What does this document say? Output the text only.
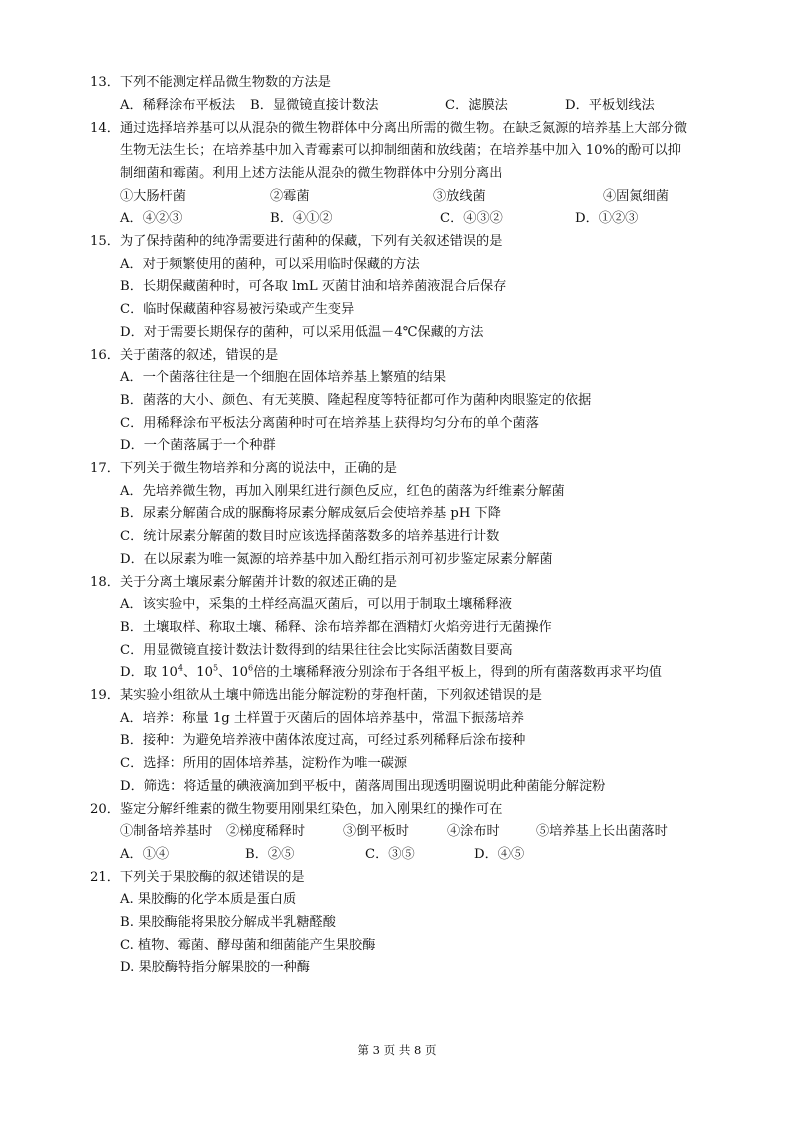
13．下列不能测定样品微生物数的方法是
A．稀释涂布平板法	B．显微镜直接计数法	C．滤膜法	D．平板划线法
14．通过选择培养基可以从混杂的微生物群体中分离出所需的微生物。在缺乏氮源的培养基上大部分微
生物无法生长；在培养基中加入青霉素可以抑制细菌和放线菌；在培养基中加入 10%的酚可以抑
制细菌和霉菌。利用上述方法能从混杂的微生物群体中分别分离出
①大肠杆菌	②霉菌	③放线菌	④固氮细菌
A．④②③	B．④①②	C．④③②	D．①②③
15．为了保持菌种的纯净需要进行菌种的保藏，下列有关叙述错误的是
A．对于频繁使用的菌种，可以采用临时保藏的方法
B．长期保藏菌种时，可各取 lmL 灭菌甘油和培养菌液混合后保存
C．临时保藏菌种容易被污染或产生变异
D．对于需要长期保存的菌种，可以采用低温－4℃保藏的方法
16．关于菌落的叙述，错误的是
A．一个菌落往往是一个细胞在固体培养基上繁殖的结果
B．菌落的大小、颜色、有无荚膜、隆起程度等特征都可作为菌种肉眼鉴定的依据
C．用稀释涂布平板法分离菌种时可在培养基上获得均匀分布的单个菌落
D．一个菌落属于一个种群
17．下列关于微生物培养和分离的说法中，正确的是
A．先培养微生物，再加入刚果红进行颜色反应，红色的菌落为纤维素分解菌
B．尿素分解菌合成的脲酶将尿素分解成氨后会使培养基 pH 下降
C．统计尿素分解菌的数目时应该选择菌落数多的培养基进行计数
D．在以尿素为唯一氮源的培养基中加入酚红指示剂可初步鉴定尿素分解菌
18．关于分离土壤尿素分解菌并计数的叙述正确的是
A．该实验中，采集的土样经高温灭菌后，可以用于制取土壤稀释液
B．土壤取样、称取土壤、稀释、涂布培养都在酒精灯火焰旁进行无菌操作
C．用显微镜直接计数法计数得到的结果往往会比实际活菌数目要高
D．取 $10^4$、$10^5$、$10^6$倍的土壤稀释液分别涂布于各组平板上，得到的所有菌落数再求平均值
19．某实验小组欲从土壤中筛选出能分解淀粉的芽孢杆菌，下列叙述错误的是
A．培养：称量 1g 土样置于灭菌后的固体培养基中，常温下振荡培养
B．接种：为避免培养液中菌体浓度过高，可经过系列稀释后涂布接种
C．选择：所用的固体培养基，淀粉作为唯一碳源
D．筛选：将适量的碘液滴加到平板中，菌落周围出现透明圈说明此种菌能分解淀粉
20．鉴定分解纤维素的微生物要用刚果红染色，加入刚果红的操作可在
①制备培养基时	②梯度稀释时	③倒平板时	④涂布时	⑤培养基上长出菌落时
A．①④	B．②⑤	C．③⑤	D．④⑤
21．下列关于果胶酶的叙述错误的是
A. 果胶酶的化学本质是蛋白质
B. 果胶酶能将果胶分解成半乳糖醛酸
C. 植物、霉菌、酵母菌和细菌能产生果胶酶
D. 果胶酶特指分解果胶的一种酶
第 3 页 共 8 页
